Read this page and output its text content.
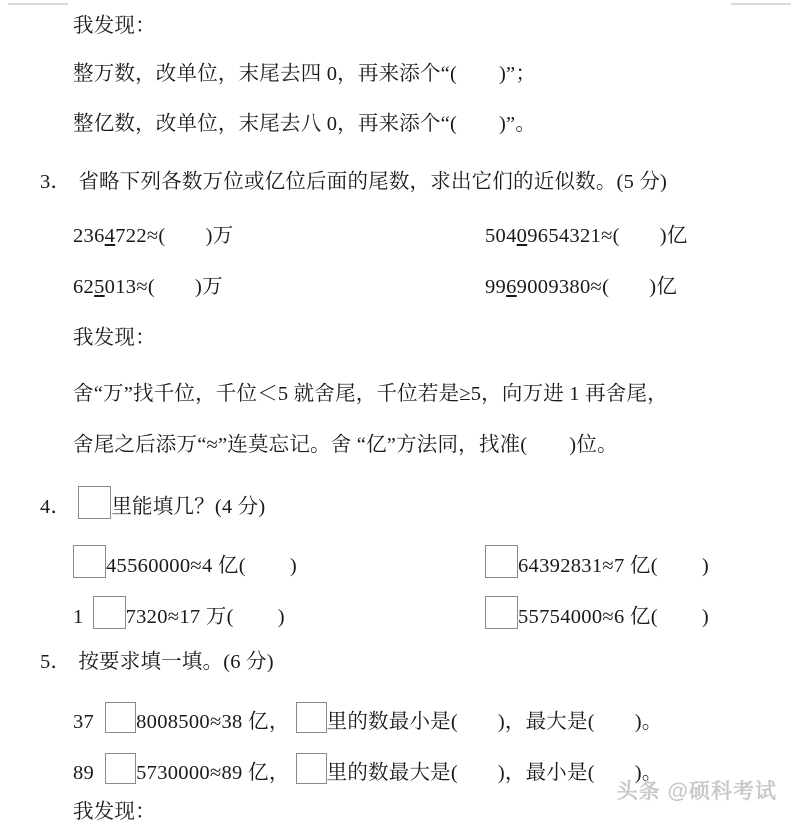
我发现：
整万数，改单位，末尾去四 0，再来添个“( )”；
整亿数，改单位，末尾去八 0，再来添个“( )”。
3． 省略下列各数万位或亿位后面的尾数，求出它们的近似数。(5 分)
2364722≈( )万	50409654321≈( )亿
625013≈( )万	9969009380≈( )亿
我发现：
舍“万”找千位，千位＜5 就舍尾，千位若是≥5，向万进 1 再舍尾，
舍尾之后添万“≈”连莫忘记。舍 “亿”方法同，找准( )位。
4． 里能填几？(4 分)
45560000≈4 亿( )	64392831≈7 亿( )
1 7320≈17 万( )	55754000≈6 亿( )
5． 按要求填一填。(6 分)
37 8008500≈38 亿， 里的数最小是( )，最大是( )。
89 5730000≈89 亿， 里的数最大是( )，最小是( )。
我发现：
头条 @硕科考试
